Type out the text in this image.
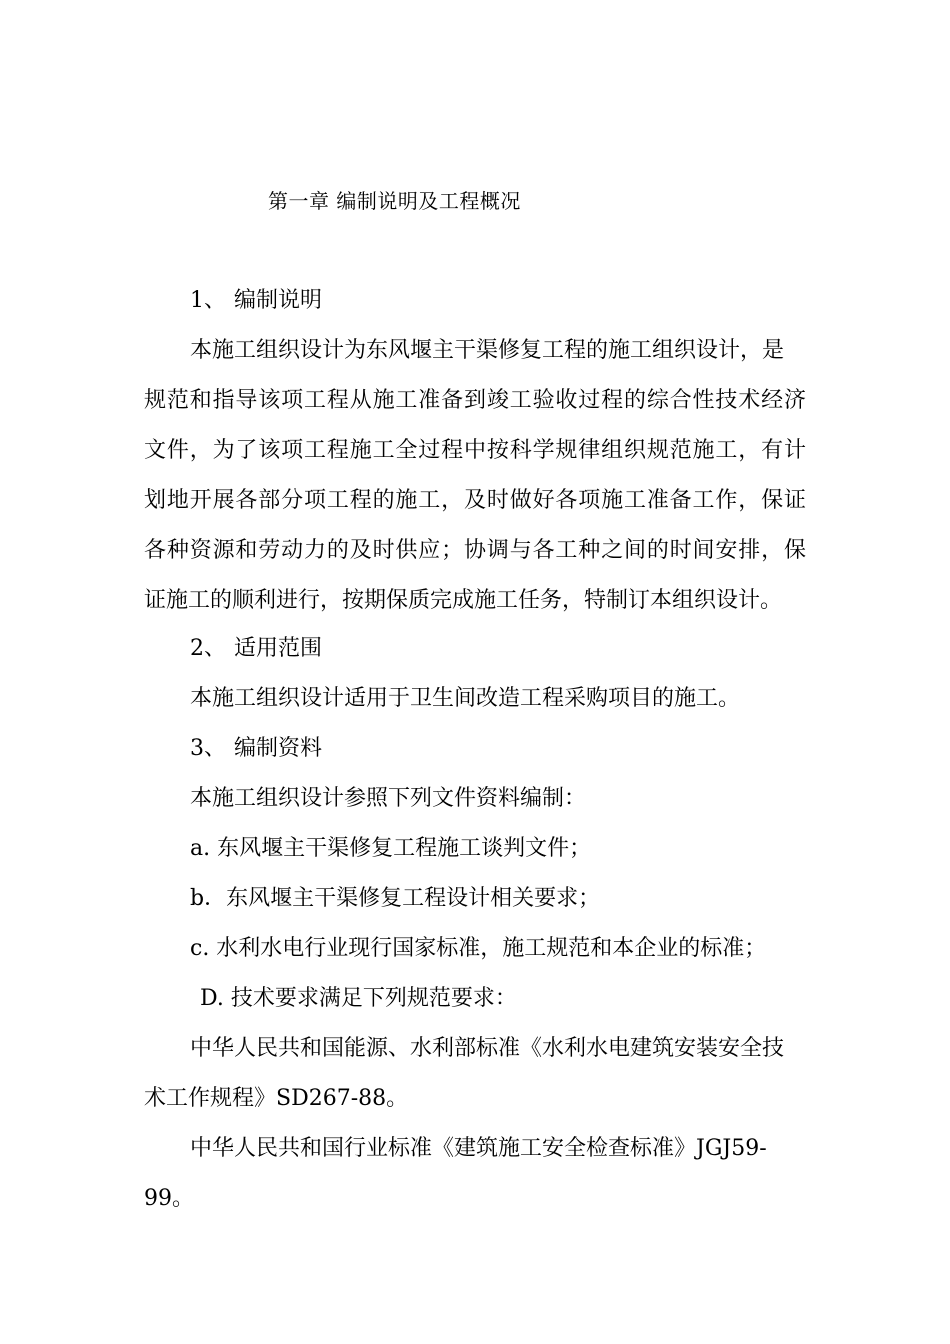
第一章 编制说明及工程概况
1、 编制说明
本施工组织设计为东风堰主干渠修复工程的施工组织设计，是
规范和指导该项工程从施工准备到竣工验收过程的综合性技术经济
文件，为了该项工程施工全过程中按科学规律组织规范施工，有计
划地开展各部分项工程的施工，及时做好各项施工准备工作，保证
各种资源和劳动力的及时供应；协调与各工种之间的时间安排，保
证施工的顺利进行，按期保质完成施工任务，特制订本组织设计。
2、 适用范围
本施工组织设计适用于卫生间改造工程采购项目的施工。
3、 编制资料
本施工组织设计参照下列文件资料编制：
a. 东风堰主干渠修复工程施工谈判文件；
b．东风堰主干渠修复工程设计相关要求；
c. 水利水电行业现行国家标准，施工规范和本企业的标准；
D. 技术要求满足下列规范要求：
中华人民共和国能源、水利部标准《水利水电建筑安装安全技
术工作规程》SD267-88。
中华人民共和国行业标准《建筑施工安全检查标准》JGJ59-
99。
